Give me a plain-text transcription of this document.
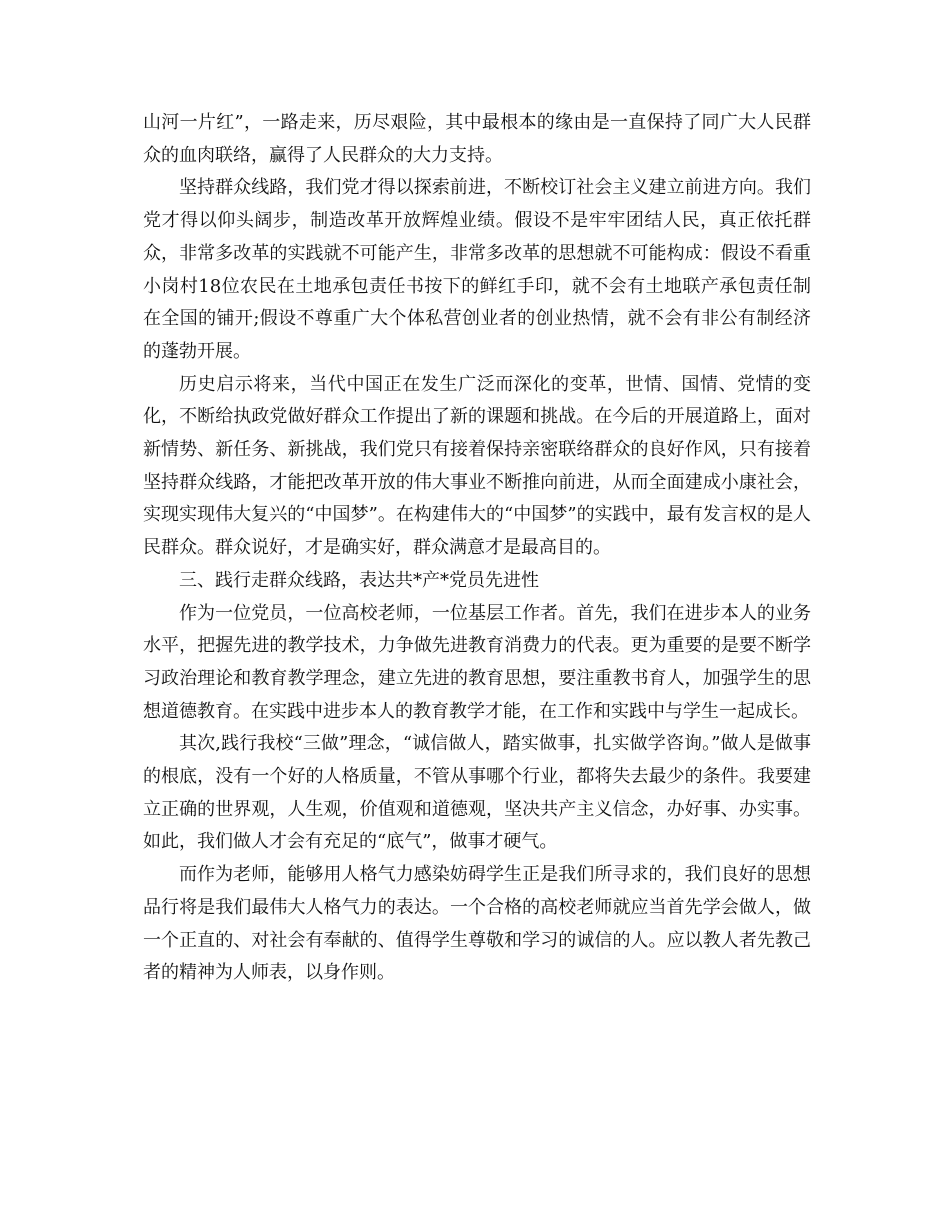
山河一片红”，一路走来，历尽艰险，其中最根本的缘由是一直保持了同广大人民群众的血肉联络，赢得了人民群众的大力支持。

坚持群众线路，我们党才得以探索前进，不断校订社会主义建立前进方向。我们党才得以仰头阔步，制造改革开放辉煌业绩。假设不是牢牢团结人民，真正依托群众，非常多改革的实践就不可能产生，非常多改革的思想就不可能构成：假设不看重小岗村18位农民在土地承包责任书按下的鲜红手印，就不会有土地联产承包责任制在全国的铺开;假设不尊重广大个体私营创业者的创业热情，就不会有非公有制经济的蓬勃开展。

历史启示将来，当代中国正在发生广泛而深化的变革，世情、国情、党情的变化，不断给执政党做好群众工作提出了新的课题和挑战。在今后的开展道路上，面对新情势、新任务、新挑战，我们党只有接着保持亲密联络群众的良好作风，只有接着坚持群众线路，才能把改革开放的伟大事业不断推向前进，从而全面建成小康社会，实现实现伟大复兴的“中国梦”。在构建伟大的“中国梦”的实践中，最有发言权的是人民群众。群众说好，才是确实好，群众满意才是最高目的。

三、践行走群众线路，表达共*产*党员先进性

作为一位党员，一位高校老师，一位基层工作者。首先，我们在进步本人的业务水平，把握先进的教学技术，力争做先进教育消费力的代表。更为重要的是要不断学习政治理论和教育教学理念，建立先进的教育思想，要注重教书育人，加强学生的思想道德教育。在实践中进步本人的教育教学才能，在工作和实践中与学生一起成长。

其次,践行我校“三做”理念，“诚信做人，踏实做事，扎实做学咨询。”做人是做事的根底，没有一个好的人格质量，不管从事哪个行业，都将失去最少的条件。我要建立正确的世界观，人生观，价值观和道德观，坚决共产主义信念，办好事、办实事。如此，我们做人才会有充足的“底气”，做事才硬气。

而作为老师，能够用人格气力感染妨碍学生正是我们所寻求的，我们良好的思想品行将是我们最伟大人格气力的表达。一个合格的高校老师就应当首先学会做人，做一个正直的、对社会有奉献的、值得学生尊敬和学习的诚信的人。应以教人者先教己者的精神为人师表，以身作则。
